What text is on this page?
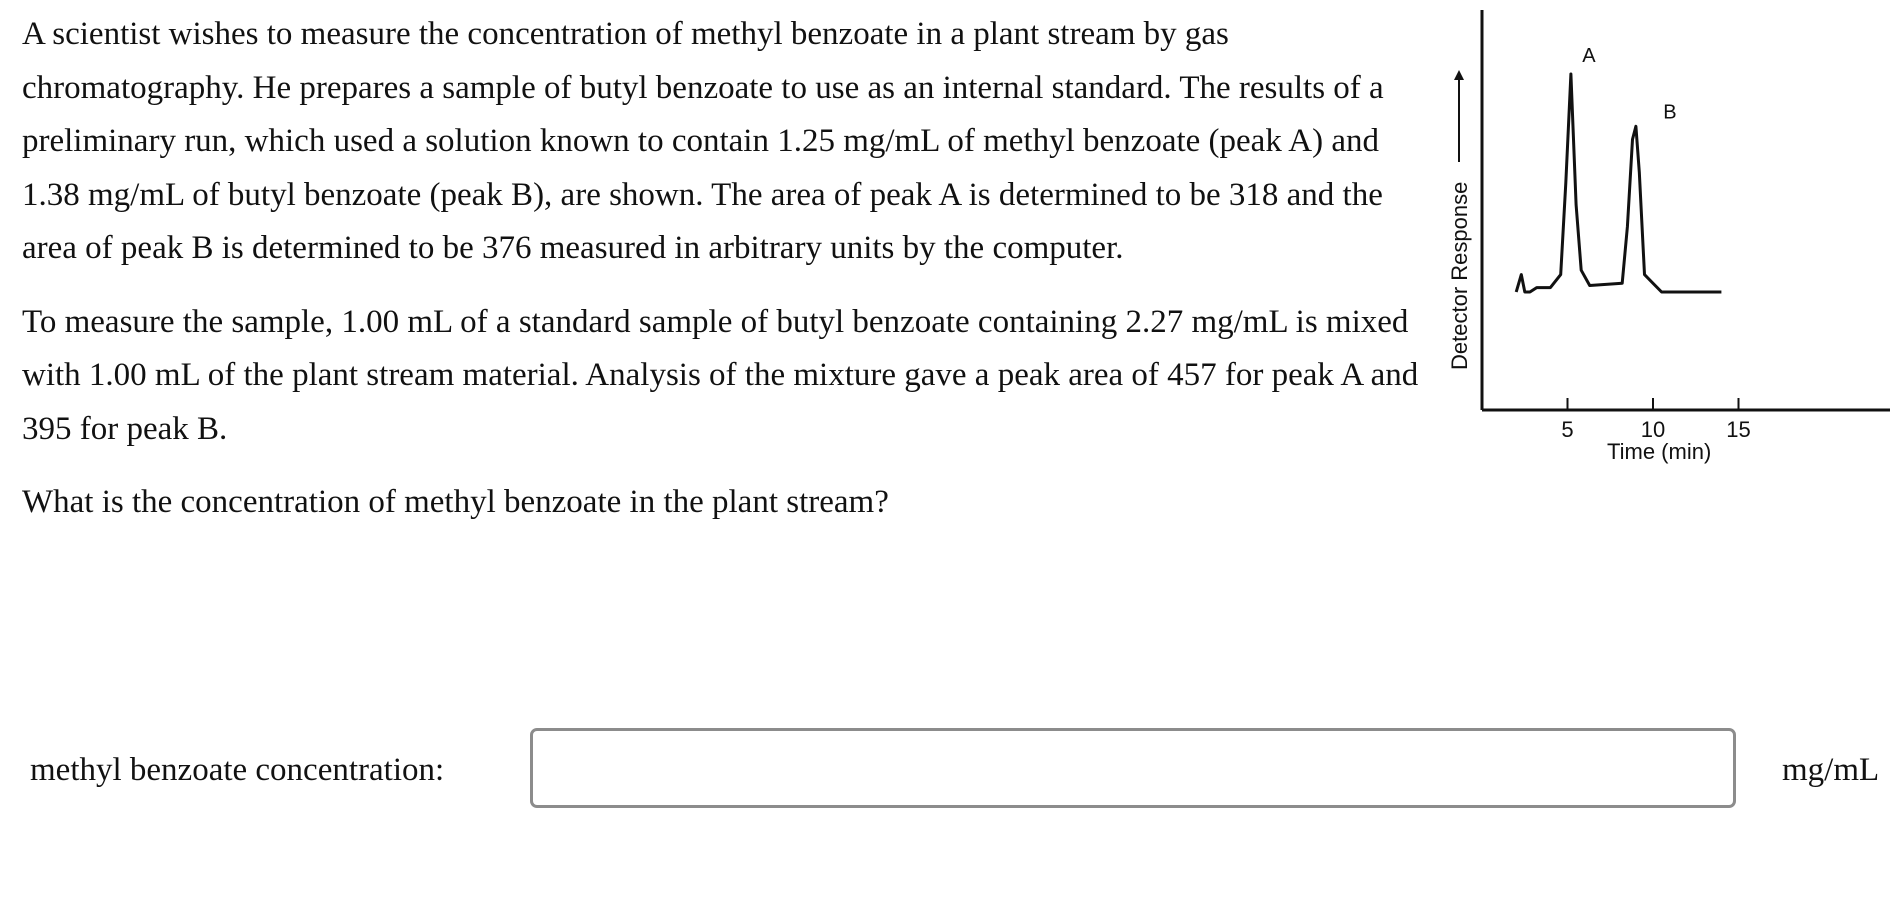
A scientist wishes to measure the concentration of methyl benzoate in a plant stream by gas chromatography. He prepares a sample of butyl benzoate to use as an internal standard. The results of a preliminary run, which used a solution known to contain 1.25 mg/mL of methyl benzoate (peak A) and 1.38 mg/mL of butyl benzoate (peak B), are shown. The area of peak A is determined to be 318 and the area of peak B is determined to be 376 measured in arbitrary units by the computer.

To measure the sample, 1.00 mL of a standard sample of butyl benzoate containing 2.27 mg/mL is mixed with 1.00 mL of the plant stream material. Analysis of the mixture gave a peak area of 457 for peak A and 395 for peak B.

What is the concentration of methyl benzoate in the plant stream?

5	10	15
Detector Response
Time (min)
A
B
methyl benzoate concentration:	mg/mL
